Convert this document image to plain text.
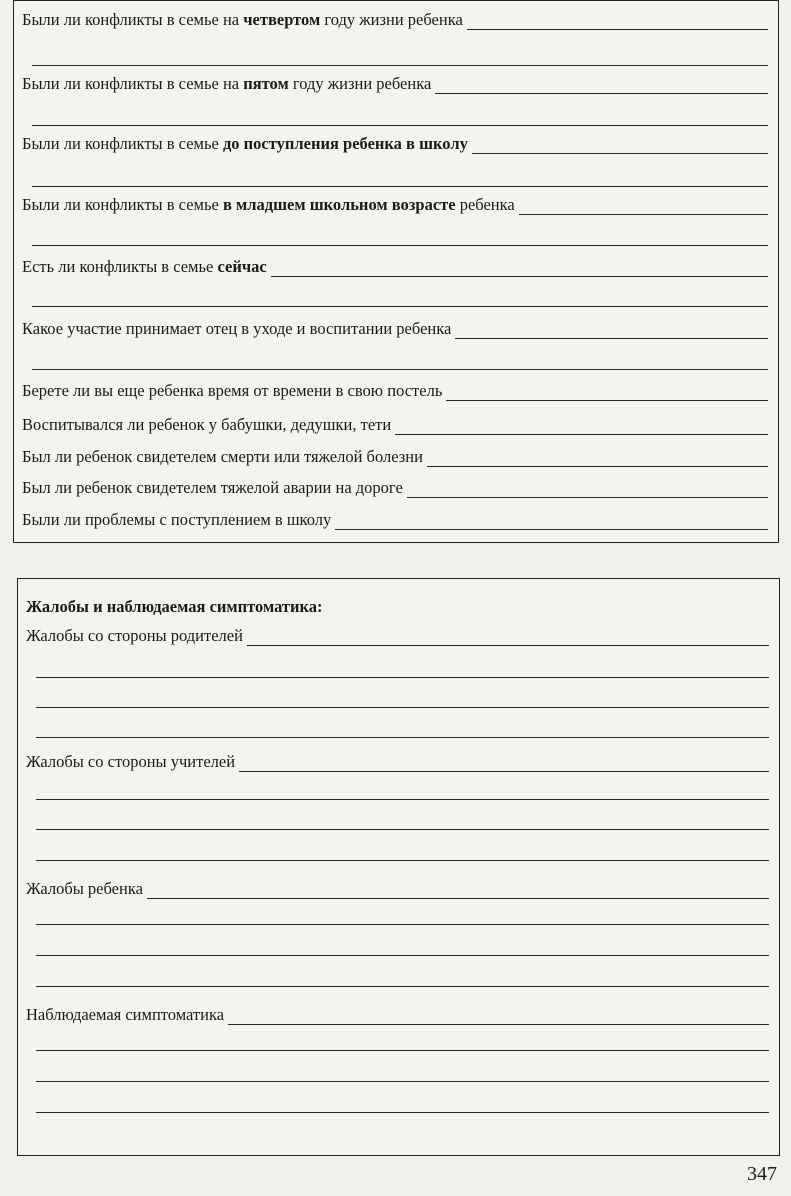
Были ли конфликты в семье на четвертом году жизни ребенка
Были ли конфликты в семье на пятом году жизни ребенка
Были ли конфликты в семье до поступления ребенка в школу
Были ли конфликты в семье в младшем школьном возрасте ребенка
Есть ли конфликты в семье сейчас
Какое участие принимает отец в уходе и воспитании ребенка
Берете ли вы еще ребенка время от времени в свою постель
Воспитывался ли ребенок у бабушки, дедушки, тети
Был ли ребенок свидетелем смерти или тяжелой болезни
Был ли ребенок свидетелем тяжелой аварии на дороге
Были ли проблемы с поступлением в школу
Жалобы и наблюдаемая симптоматика:
Жалобы со стороны родителей
Жалобы со стороны учителей
Жалобы ребенка
Наблюдаемая симптоматика
347
